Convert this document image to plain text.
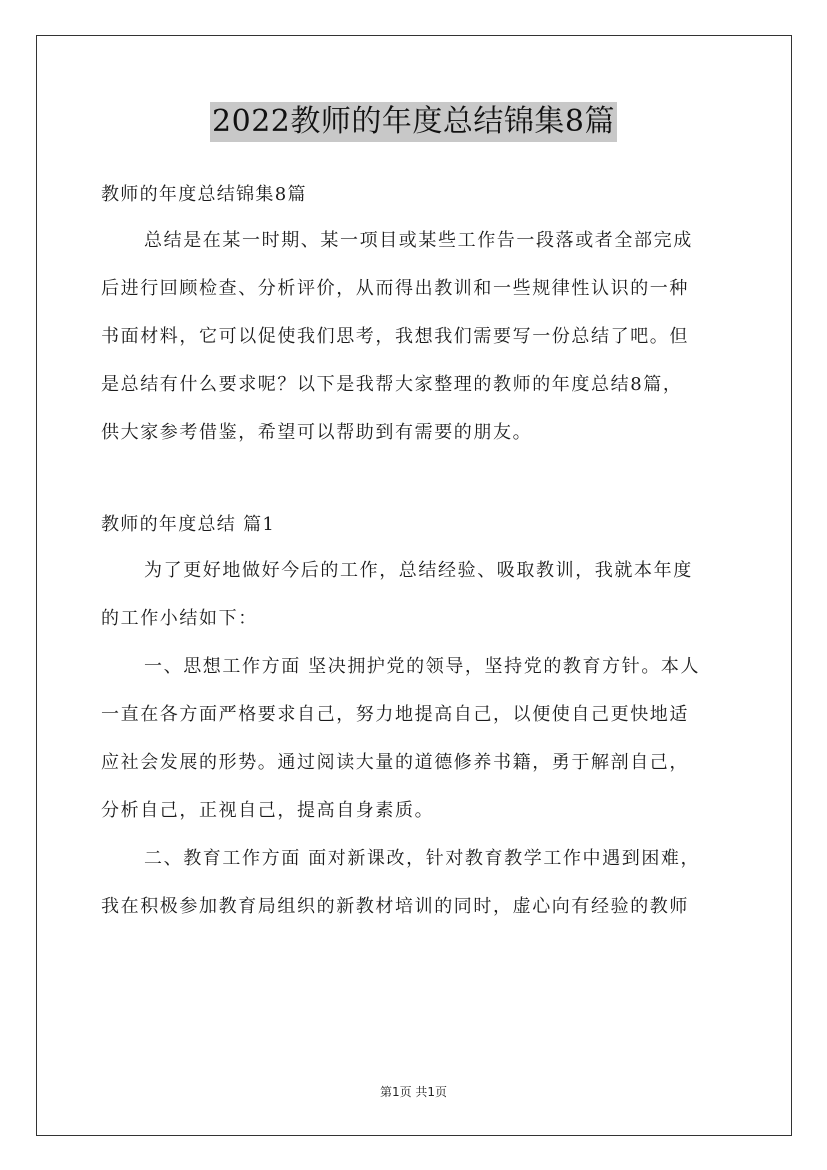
2022教师的年度总结锦集8篇
教师的年度总结锦集8篇
总结是在某一时期、某一项目或某些工作告一段落或者全部完成
后进行回顾检查、分析评价，从而得出教训和一些规律性认识的一种
书面材料，它可以促使我们思考，我想我们需要写一份总结了吧。但
是总结有什么要求呢？以下是我帮大家整理的教师的年度总结8篇，
供大家参考借鉴，希望可以帮助到有需要的朋友。
教师的年度总结 篇1
为了更好地做好今后的工作，总结经验、吸取教训，我就本年度
的工作小结如下：
一、思想工作方面 坚决拥护党的领导，坚持党的教育方针。本人
一直在各方面严格要求自己，努力地提高自己，以便使自己更快地适
应社会发展的形势。通过阅读大量的道德修养书籍，勇于解剖自己，
分析自己，正视自己，提高自身素质。
二、教育工作方面 面对新课改，针对教育教学工作中遇到困难，
我在积极参加教育局组织的新教材培训的同时，虚心向有经验的教师
第1页 共1页
